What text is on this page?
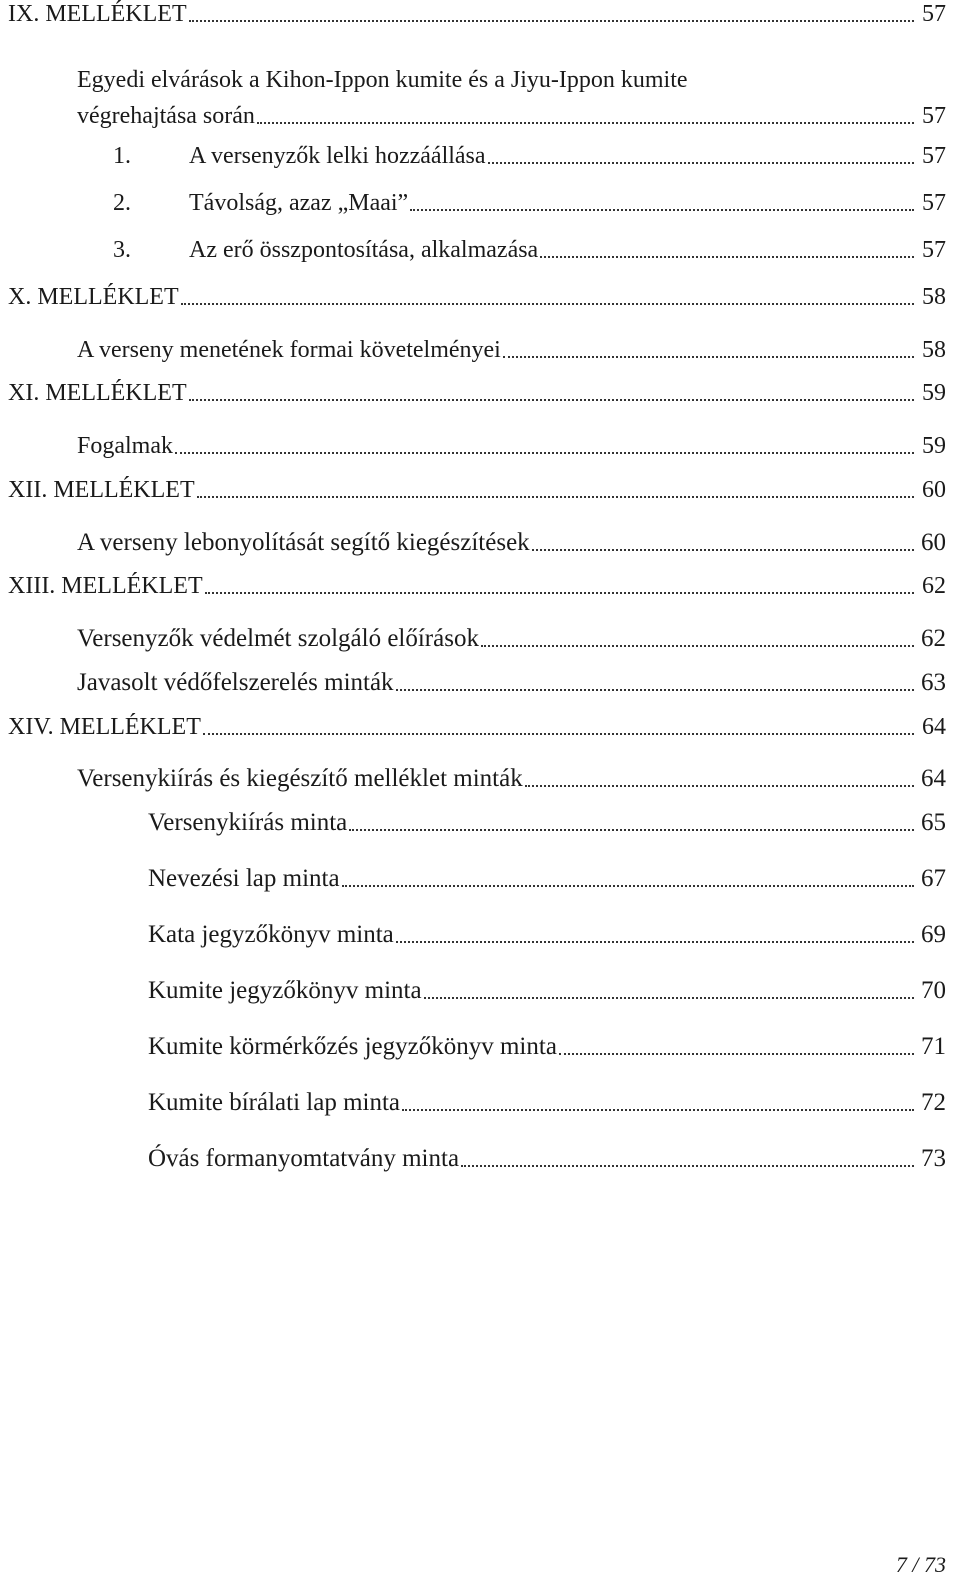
IX. MELLÉKLET	57
Egyedi elvárások a Kihon-Ippon kumite és a Jiyu-Ippon kumite
végrehajtása során	57
1.	A versenyzők lelki hozzáállása	57
2.	Távolság, azaz „Maai”	57
3.	Az erő összpontosítása, alkalmazása	57
X. MELLÉKLET	58
A verseny menetének formai követelményei	58
XI. MELLÉKLET	59
Fogalmak	59
XII. MELLÉKLET	60
A verseny lebonyolítását segítő kiegészítések	60
XIII. MELLÉKLET	62
Versenyzők védelmét szolgáló előírások	62
Javasolt védőfelszerelés minták	63
XIV. MELLÉKLET	64
Versenykiírás és kiegészítő melléklet minták	64
Versenykiírás minta	65
Nevezési lap minta	67
Kata jegyzőkönyv minta	69
Kumite jegyzőkönyv minta	70
Kumite körmérkőzés jegyzőkönyv minta	71
Kumite bírálati lap minta	72
Óvás formanyomtatvány minta	73
7 / 73
